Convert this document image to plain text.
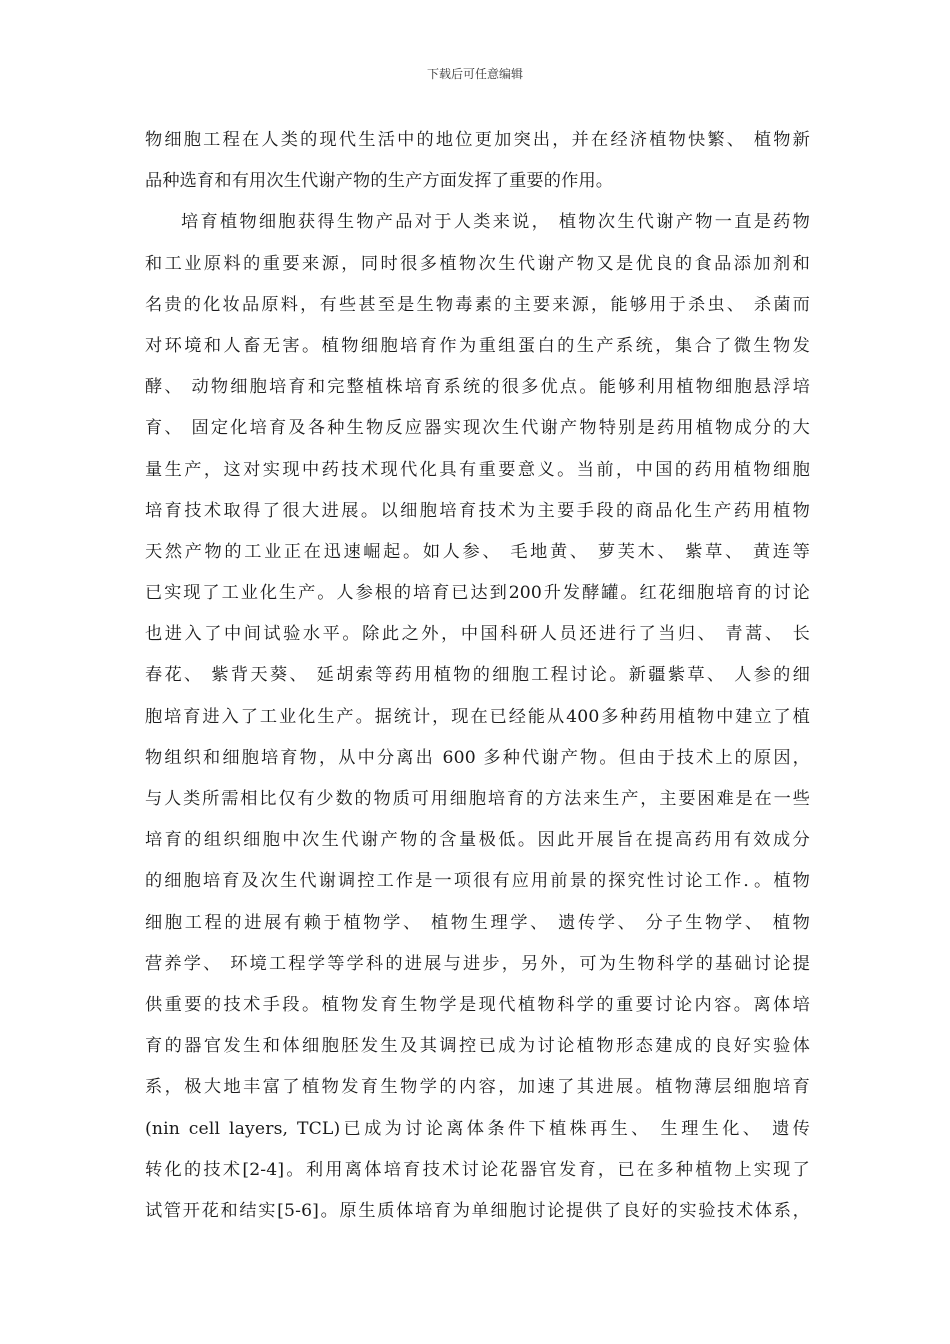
下载后可任意编辑
物细胞工程在人类的现代生活中的地位更加突出，并在经济植物快繁、 植物新
品种选育和有用次生代谢产物的生产方面发挥了重要的作用。
培育植物细胞获得生物产品对于人类来说， 植物次生代谢产物一直是药物
和工业原料的重要来源，同时很多植物次生代谢产物又是优良的食品添加剂和
名贵的化妆品原料，有些甚至是生物毒素的主要来源，能够用于杀虫、 杀菌而
对环境和人畜无害。植物细胞培育作为重组蛋白的生产系统，集合了微生物发
酵、 动物细胞培育和完整植株培育系统的很多优点。能够利用植物细胞悬浮培
育、 固定化培育及各种生物反应器实现次生代谢产物特别是药用植物成分的大
量生产，这对实现中药技术现代化具有重要意义。当前，中国的药用植物细胞
培育技术取得了很大进展。以细胞培育技术为主要手段的商品化生产药用植物
天然产物的工业正在迅速崛起。如人参、 毛地黄、 萝芙木、 紫草、 黄连等
已实现了工业化生产。人参根的培育已达到200升发酵罐。红花细胞培育的讨论
也进入了中间试验水平。除此之外，中国科研人员还进行了当归、 青蒿、 长
春花、 紫背天葵、 延胡索等药用植物的细胞工程讨论。新疆紫草、 人参的细
胞培育进入了工业化生产。据统计，现在已经能从400多种药用植物中建立了植
物组织和细胞培育物，从中分离出 600 多种代谢产物。但由于技术上的原因，
与人类所需相比仅有少数的物质可用细胞培育的方法来生产，主要困难是在一些
培育的组织细胞中次生代谢产物的含量极低。因此开展旨在提高药用有效成分
的细胞培育及次生代谢调控工作是一项很有应用前景的探究性讨论工作．。植物
细胞工程的进展有赖于植物学、 植物生理学、 遗传学、 分子生物学、 植物
营养学、 环境工程学等学科的进展与进步，另外，可为生物科学的基础讨论提
供重要的技术手段。植物发育生物学是现代植物科学的重要讨论内容。离体培
育的器官发生和体细胞胚发生及其调控已成为讨论植物形态建成的良好实验体
系，极大地丰富了植物发育生物学的内容，加速了其进展。植物薄层细胞培育
(nin cell layers, TCL)已成为讨论离体条件下植株再生、 生理生化、 遗传
转化的技术[2-4]。利用离体培育技术讨论花器官发育，已在多种植物上实现了
试管开花和结实[5-6]。原生质体培育为单细胞讨论提供了良好的实验技术体系，
